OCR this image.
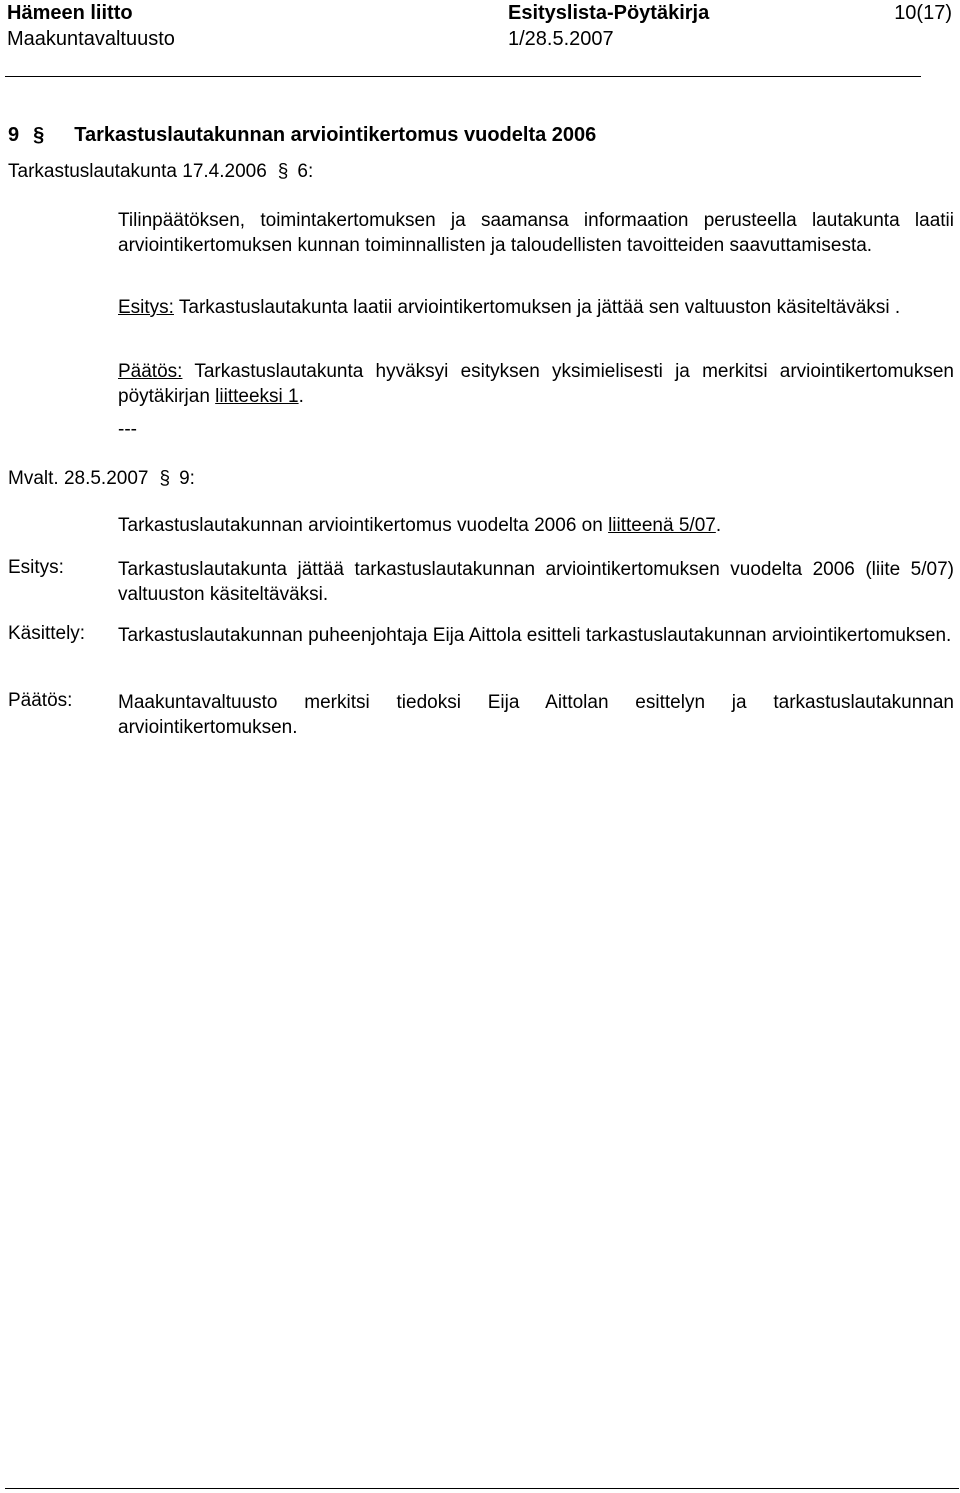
Hämeen liitto	Esityslista-Pöytäkirja	10(17)
Maakuntavaltuusto	1/28.5.2007
9 § Tarkastuslautakunnan arviointikertomus vuodelta 2006
Tarkastuslautakunta 17.4.2006 § 6:
Tilinpäätöksen, toimintakertomuksen ja saamansa informaation perusteella lautakunta laatii arviointikertomuksen kunnan toiminnallisten ja taloudellisten tavoitteiden saavuttamisesta.
Esitys: Tarkastuslautakunta laatii arviointikertomuksen ja jättää sen valtuuston käsiteltäväksi .
Päätös: Tarkastuslautakunta hyväksyi esityksen yksimielisesti ja merkitsi arviointikertomuksen pöytäkirjan liitteeksi 1.
---
Mvalt. 28.5.2007 § 9:
Tarkastuslautakunnan arviointikertomus vuodelta 2006 on liitteenä 5/07.
Esitys:	Tarkastuslautakunta jättää tarkastuslautakunnan arviointikertomuksen vuodelta 2006 (liite 5/07) valtuuston käsiteltäväksi.
Käsittely: Tarkastuslautakunnan puheenjohtaja Eija Aittola esitteli tarkastuslautakunnan arviointikertomuksen.
Päätös: Maakuntavaltuusto merkitsi tiedoksi Eija Aittolan esittelyn ja tarkastuslautakunnan arviointikertomuksen.
